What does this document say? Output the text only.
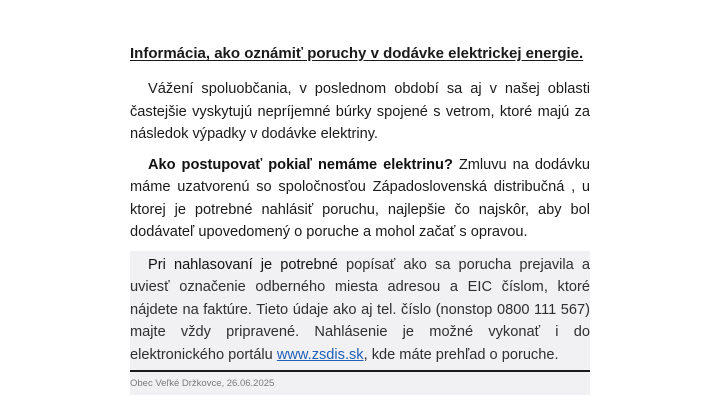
Informácia, ako oznámiť poruchy v dodávke elektrickej energie.

Vážení spoluobčania, v poslednom období sa aj v našej oblasti častejšie vyskytujú nepríjemné búrky spojené s vetrom, ktoré majú za následok výpadky v dodávke elektriny.

Ako postupovať pokiaľ nemáme elektrinu? Zmluvu na dodávku máme uzatvorenú so spoločnosťou Západoslovenská distribučná , u ktorej je potrebné nahlásiť poruchu, najlepšie čo najskôr, aby bol dodávateľ upovedomený o poruche a mohol začať s opravou.

Pri nahlasovaní je potrebné popísať ako sa porucha prejavila a uviesť označenie odberného miesta adresou a EIC číslom, ktoré nájdete na faktúre. Tieto údaje ako aj tel. číslo (nonstop 0800 111 567) majte vždy pripravené. Nahlásenie je možné vykonať i do elektronického portálu www.zsdis.sk, kde máte prehľad o poruche.

Obec Veľké Držkovce, 26.06.2025
